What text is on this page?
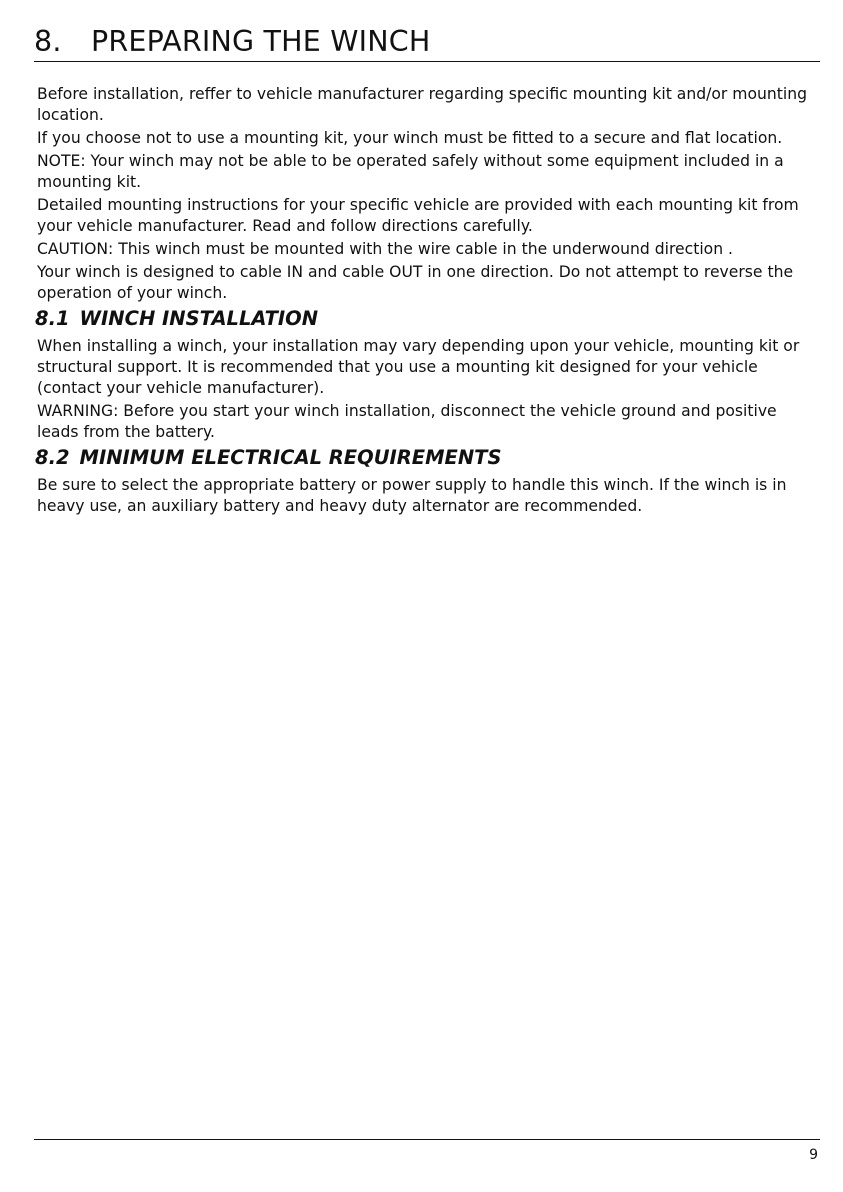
8. PREPARING THE WINCH

Before installation, reffer to vehicle manufacturer regarding specific mounting kit and/or mounting location.

If you choose not to use a mounting kit, your winch must be fitted to a secure and flat location.

NOTE: Your winch may not be able to be operated safely without some equipment included in a mounting kit.

Detailed mounting instructions for your specific vehicle are provided with each mounting kit from your vehicle manufacturer. Read and follow directions carefully.

CAUTION: This winch must be mounted with the wire cable in the underwound direction .

Your winch is designed to cable IN and cable OUT in one direction. Do not attempt to reverse the operation of your winch.

8.1 WINCH INSTALLATION

When installing a winch, your installation may vary depending upon your vehicle, mounting kit or structural support. It is recommended that you use a mounting kit designed for your vehicle (contact your vehicle manufacturer).

WARNING: Before you start your winch installation, disconnect the vehicle ground and positive leads from the battery.

8.2 MINIMUM ELECTRICAL REQUIREMENTS

Be sure to select the appropriate battery or power supply to handle this winch. If the winch is in heavy use, an auxiliary battery and heavy duty alternator are recommended.

9
